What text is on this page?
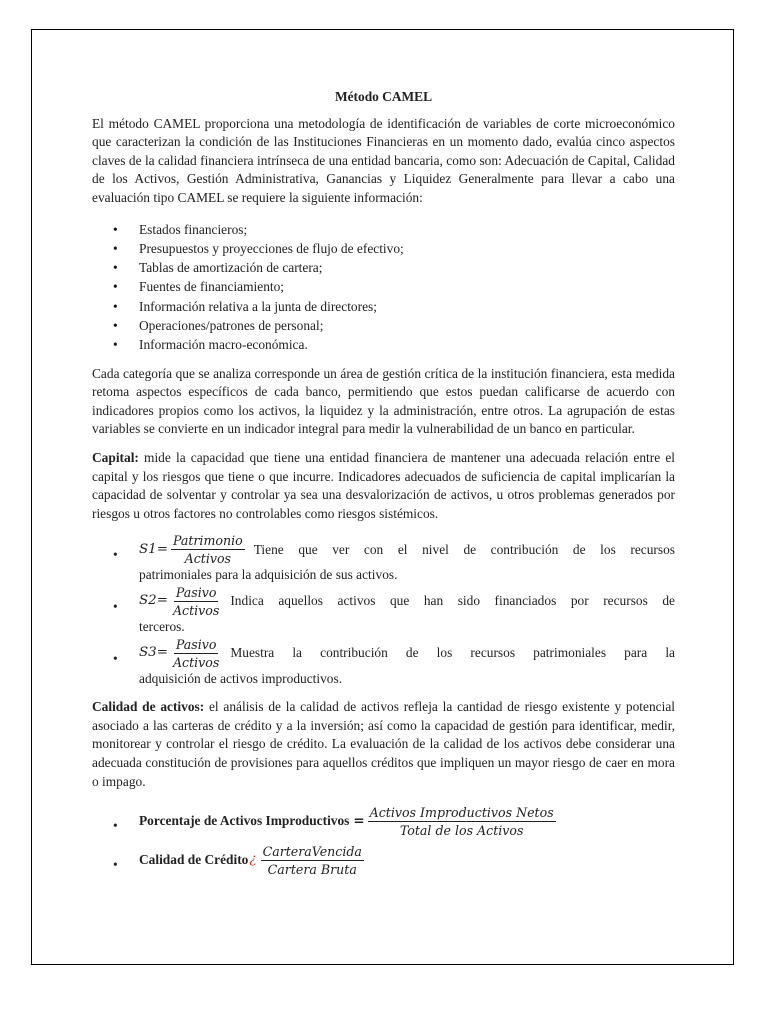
Método CAMEL

El método CAMEL proporciona una metodología de identificación de variables de corte microeconómico que caracterizan la condición de las Instituciones Financieras en un momento dado, evalúa cinco aspectos claves de la calidad financiera intrínseca de una entidad bancaria, como son: Adecuación de Capital, Calidad de los Activos, Gestión Administrativa, Ganancias y Liquidez Generalmente para llevar a cabo una evaluación tipo CAMEL se requiere la siguiente información:

• Estados financieros;
• Presupuestos y proyecciones de flujo de efectivo;
• Tablas de amortización de cartera;
• Fuentes de financiamiento;
• Información relativa a la junta de directores;
• Operaciones/patrones de personal;
• Información macro-económica.

Cada categoría que se analiza corresponde un área de gestión crítica de la institución financiera, esta medida retoma aspectos específicos de cada banco, permitiendo que estos puedan calificarse de acuerdo con indicadores propios como los activos, la liquidez y la administración, entre otros. La agrupación de estas variables se convierte en un indicador integral para medir la vulnerabilidad de un banco en particular.

Capital: mide la capacidad que tiene una entidad financiera de mantener una adecuada relación entre el capital y los riesgos que tiene o que incurre. Indicadores adecuados de suficiencia de capital implicarían la capacidad de solventar y controlar ya sea una desvalorización de activos, u otros problemas generados por riesgos u otros factores no controlables como riesgos sistémicos.

• $S1 = \frac{\text{Patrimonio}}{\text{Activos}}$ Tiene que ver con el nivel de contribución de los recursos
patrimoniales para la adquisición de sus activos.
• $S2 = \frac{\text{Pasivo}}{\text{Activos}}$ Indica aquellos activos que han sido financiados por recursos de
terceros.
• $S3 = \frac{\text{Pasivo}}{\text{Activos}}$ Muestra la contribución de los recursos patrimoniales para la
adquisición de activos improductivos.

Calidad de activos: el análisis de la calidad de activos refleja la cantidad de riesgo existente y potencial asociado a las carteras de crédito y a la inversión; así como la capacidad de gestión para identificar, medir, monitorear y controlar el riesgo de crédito. La evaluación de la calidad de los activos debe considerar una adecuada constitución de provisiones para aquellos créditos que impliquen un mayor riesgo de caer en mora o impago.

• Porcentaje de Activos Improductivos = $\frac{\text{Activos Improductivos Netos}}{\text{Total de los Activos}}$
• Calidad de Crédito ¿ $\frac{\text{CarteraVencida}}{\text{Cartera Bruta}}$
